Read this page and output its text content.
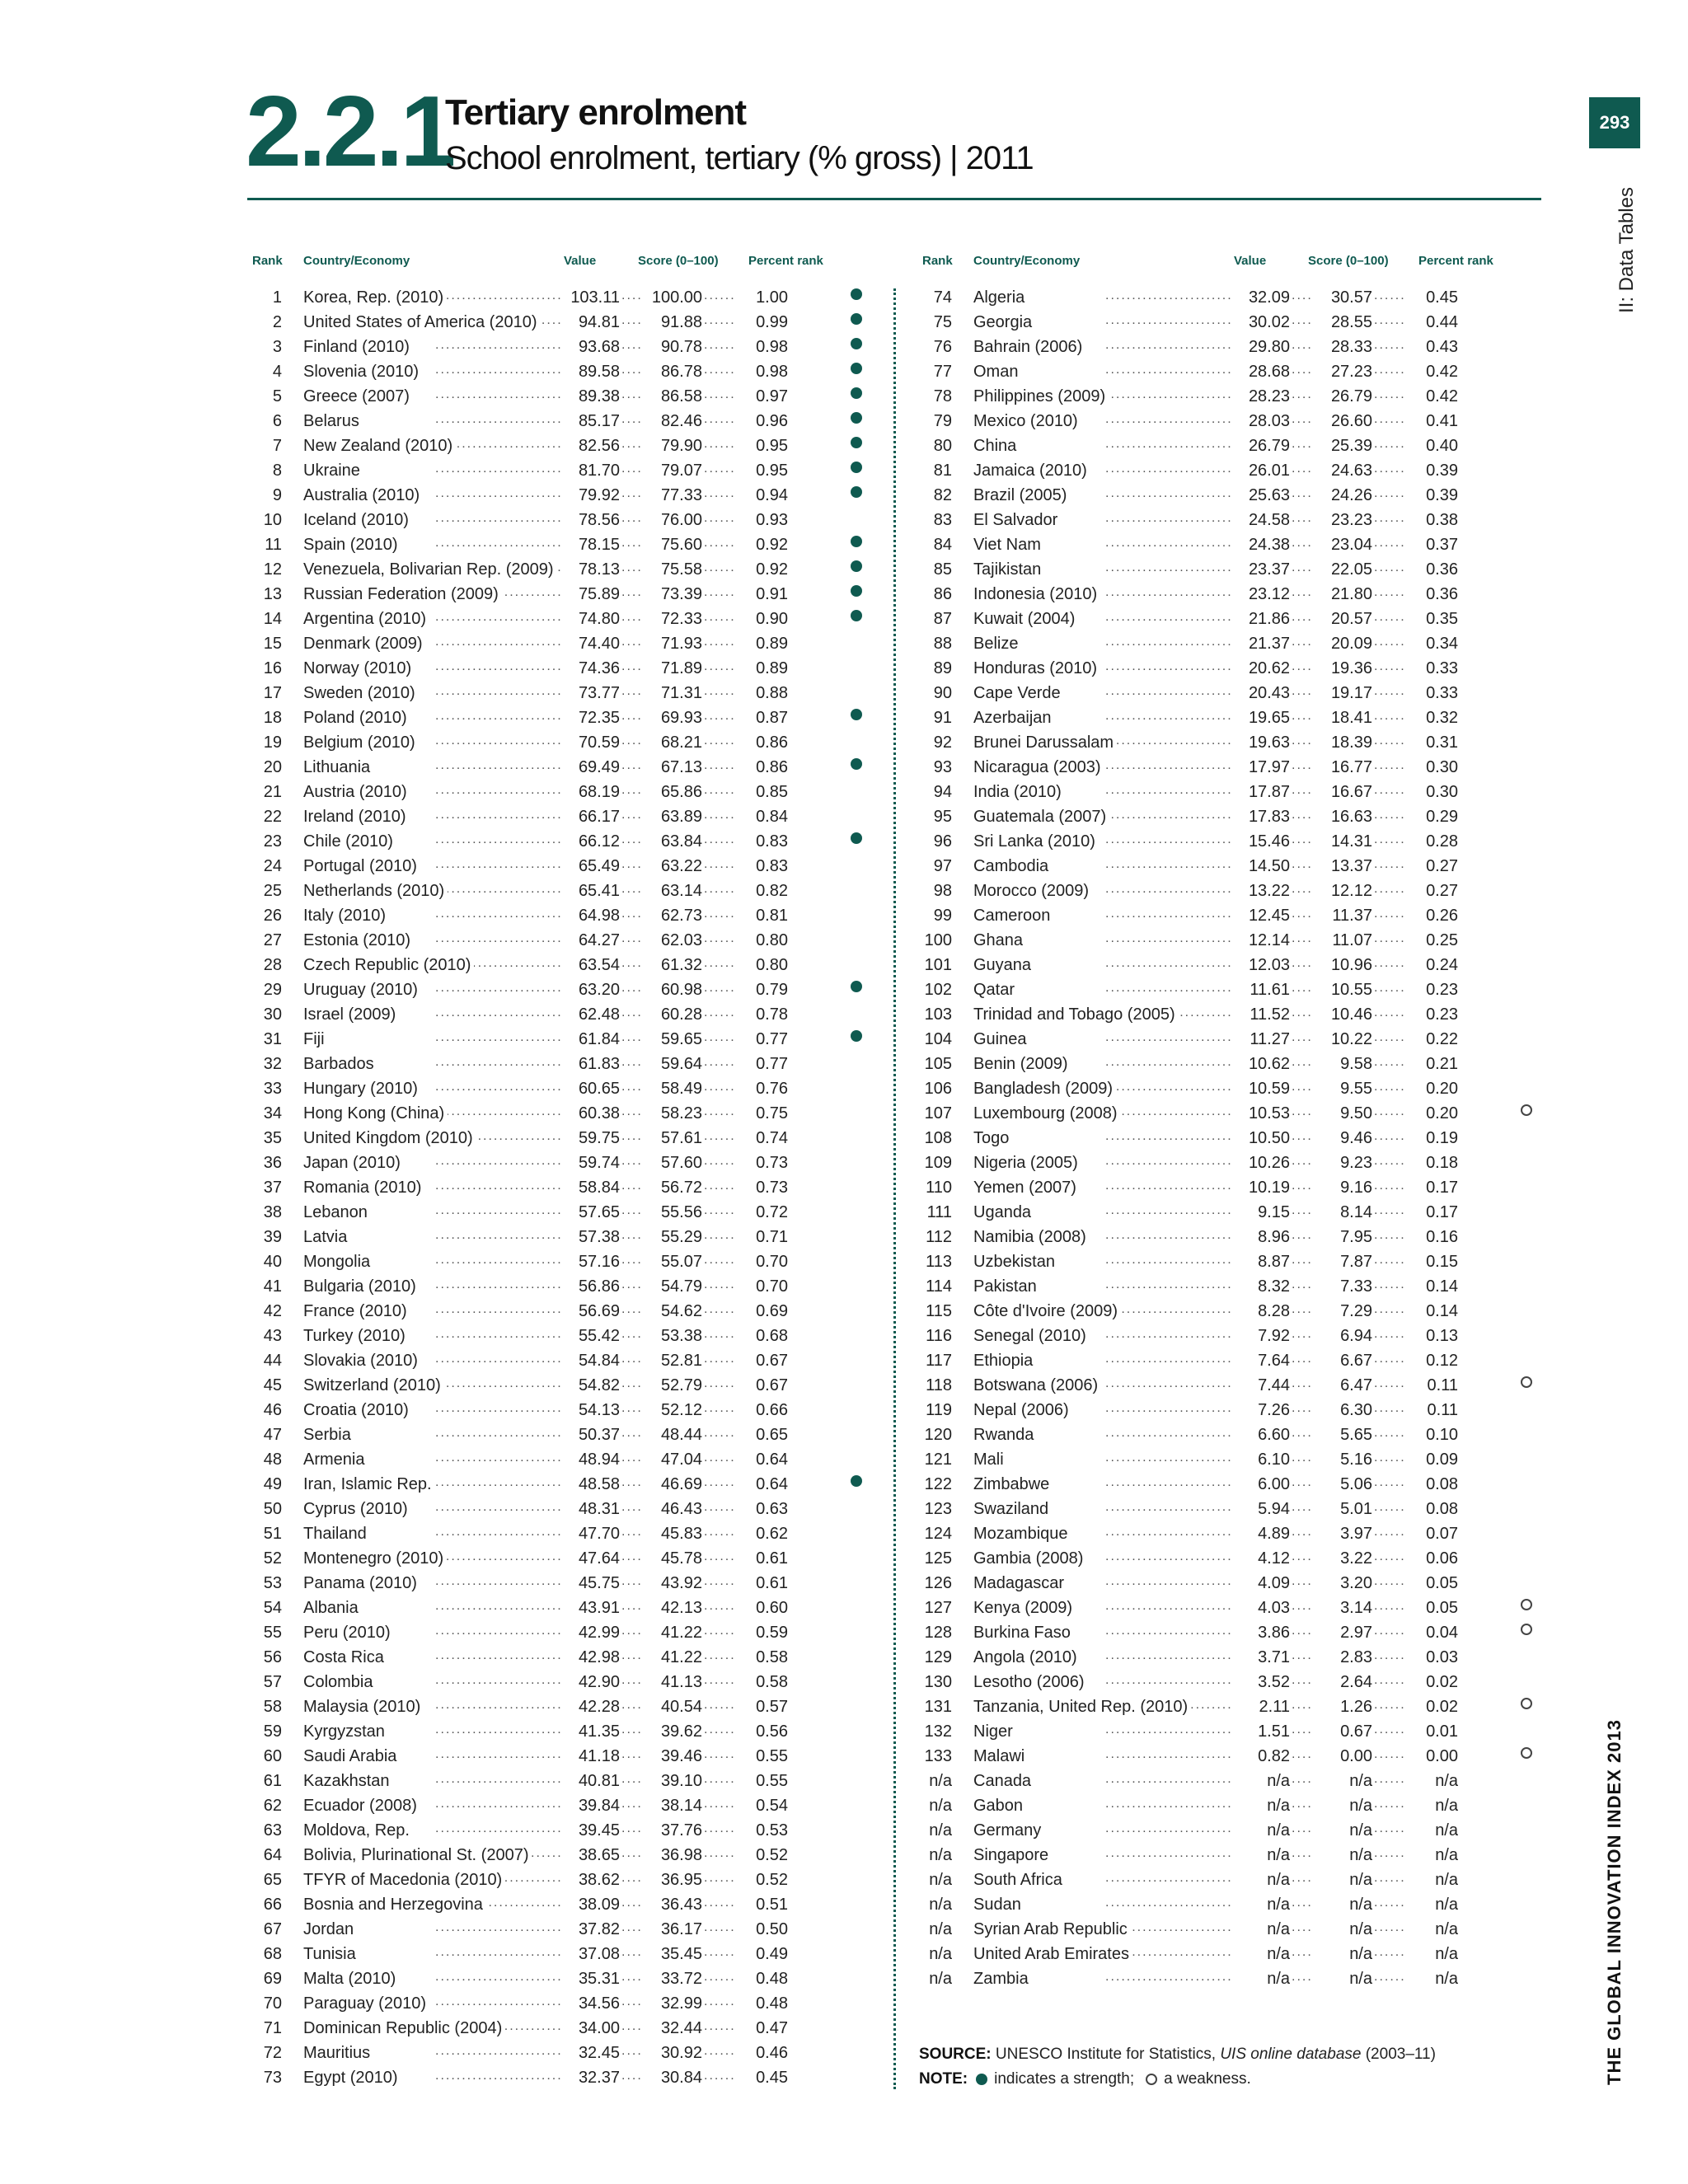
2.2.1
Tertiary enrolment
School enrolment, tertiary (% gross) | 2011
293
II: Data Tables
THE GLOBAL INNOVATION INDEX 2013
Rank Country/Economy	Value	Score (0–100) Percent rank
.....
.....
.....
1 Korea, Rep. (2010)	103.11	100.00	1.00
.....
.....
.....
2 United States of America (2010)	94.81	91.88	0.99
.....
.....
.....
3 Finland (2010)	93.68	90.78	0.98
.....
.....
.....
4 Slovenia (2010)	89.58	86.78	0.98
.....
.....
.....
5 Greece (2007)	89.38	86.58	0.97
.....
.....
.....
6 Belarus	85.17	82.46	0.96
.....
.....
.....
7 New Zealand (2010)	82.56	79.90	0.95
.....
.....
.....
8 Ukraine	81.70	79.07	0.95
.....
.....
.....
9 Australia (2010)	79.92	77.33	0.94
.....
.....
.....
10 Iceland (2010)	78.56	76.00	0.93
.....
.....
.....
11 Spain (2010)	78.15	75.60	0.92
.....
.....
.....
12 Venezuela, Bolivarian Rep. (2009)	78.13	75.58	0.92
.....
.....
.....
13 Russian Federation (2009)	75.89	73.39	0.91
.....
.....
.....
14 Argentina (2010)	74.80	72.33	0.90
.....
.....
.....
15 Denmark (2009)	74.40	71.93	0.89
.....
.....
.....
16 Norway (2010)	74.36	71.89	0.89
.....
.....
.....
17 Sweden (2010)	73.77	71.31	0.88
.....
.....
.....
18 Poland (2010)	72.35	69.93	0.87
.....
.....
.....
19 Belgium (2010)	70.59	68.21	0.86
.....
.....
.....
20 Lithuania	69.49	67.13	0.86
.....
.....
.....
21 Austria (2010)	68.19	65.86	0.85
.....
.....
.....
22 Ireland (2010)	66.17	63.89	0.84
.....
.....
.....
23 Chile (2010)	66.12	63.84	0.83
.....
.....
.....
24 Portugal (2010)	65.49	63.22	0.83
.....
.....
.....
25 Netherlands (2010)	65.41	63.14	0.82
.....
.....
.....
26 Italy (2010)	64.98	62.73	0.81
.....
.....
.....
27 Estonia (2010)	64.27	62.03	0.80
.....
.....
.....
28 Czech Republic (2010)	63.54	61.32	0.80
.....
.....
.....
29 Uruguay (2010)	63.20	60.98	0.79
.....
.....
.....
30 Israel (2009)	62.48	60.28	0.78
.....
.....
.....
31 Fiji	61.84	59.65	0.77
.....
.....
.....
32 Barbados	61.83	59.64	0.77
.....
.....
.....
33 Hungary (2010)	60.65	58.49	0.76
.....
.....
.....
34 Hong Kong (China)	60.38	58.23	0.75
.....
.....
.....
35 United Kingdom (2010)	59.75	57.61	0.74
.....
.....
.....
36 Japan (2010)	59.74	57.60	0.73
.....
.....
.....
37 Romania (2010)	58.84	56.72	0.73
.....
.....
.....
38 Lebanon	57.65	55.56	0.72
.....
.....
.....
39 Latvia	57.38	55.29	0.71
.....
.....
.....
40 Mongolia	57.16	55.07	0.70
.....
.....
.....
41 Bulgaria (2010)	56.86	54.79	0.70
.....
.....
.....
42 France (2010)	56.69	54.62	0.69
.....
.....
.....
43 Turkey (2010)	55.42	53.38	0.68
.....
.....
.....
44 Slovakia (2010)	54.84	52.81	0.67
.....
.....
.....
45 Switzerland (2010)	54.82	52.79	0.67
.....
.....
.....
46 Croatia (2010)	54.13	52.12	0.66
.....
.....
.....
47 Serbia	50.37	48.44	0.65
.....
.....
.....
48 Armenia	48.94	47.04	0.64
.....
.....
.....
49 Iran, Islamic Rep.	48.58	46.69	0.64
.....
.....
.....
50 Cyprus (2010)	48.31	46.43	0.63
.....
.....
.....
51 Thailand	47.70	45.83	0.62
.....
.....
.....
52 Montenegro (2010)	47.64	45.78	0.61
.....
.....
.....
53 Panama (2010)	45.75	43.92	0.61
.....
.....
.....
54 Albania	43.91	42.13	0.60
.....
.....
.....
55 Peru (2010)	42.99	41.22	0.59
.....
.....
.....
56 Costa Rica	42.98	41.22	0.58
.....
.....
.....
57 Colombia	42.90	41.13	0.58
.....
.....
.....
58 Malaysia (2010)	42.28	40.54	0.57
.....
.....
.....
59 Kyrgyzstan	41.35	39.62	0.56
.....
.....
.....
60 Saudi Arabia	41.18	39.46	0.55
.....
.....
.....
61 Kazakhstan	40.81	39.10	0.55
.....
.....
.....
62 Ecuador (2008)	39.84	38.14	0.54
.....
.....
.....
63 Moldova, Rep.	39.45	37.76	0.53
.....
.....
.....
64 Bolivia, Plurinational St. (2007)	38.65	36.98	0.52
.....
.....
.....
65 TFYR of Macedonia (2010)	38.62	36.95	0.52
.....
.....
.....
66 Bosnia and Herzegovina	38.09	36.43	0.51
.....
.....
.....
67 Jordan	37.82	36.17	0.50
.....
.....
.....
68 Tunisia	37.08	35.45	0.49
.....
.....
.....
69 Malta (2010)	35.31	33.72	0.48
.....
.....
.....
70 Paraguay (2010)	34.56	32.99	0.48
.....
.....
.....
71 Dominican Republic (2004)	34.00	32.44	0.47
.....
.....
.....
72 Mauritius	32.45	30.92	0.46
.....
.....
.....
73 Egypt (2010)	32.37	30.84	0.45
Rank Country/Economy	Value	Score (0–100) Percent rank
.....
.....
.....
74 Algeria	32.09	30.57	0.45
.....
.....
.....
75 Georgia	30.02	28.55	0.44
.....
.....
.....
76 Bahrain (2006)	29.80	28.33	0.43
.....
.....
.....
77 Oman	28.68	27.23	0.42
.....
.....
.....
78 Philippines (2009)	28.23	26.79	0.42
.....
.....
.....
79 Mexico (2010)	28.03	26.60	0.41
.....
.....
.....
80 China	26.79	25.39	0.40
.....
.....
.....
81 Jamaica (2010)	26.01	24.63	0.39
.....
.....
.....
82 Brazil (2005)	25.63	24.26	0.39
.....
.....
.....
83 El Salvador	24.58	23.23	0.38
.....
.....
.....
84 Viet Nam	24.38	23.04	0.37
.....
.....
.....
85 Tajikistan	23.37	22.05	0.36
.....
.....
.....
86 Indonesia (2010)	23.12	21.80	0.36
.....
.....
.....
87 Kuwait (2004)	21.86	20.57	0.35
.....
.....
.....
88 Belize	21.37	20.09	0.34
.....
.....
.....
89 Honduras (2010)	20.62	19.36	0.33
.....
.....
.....
90 Cape Verde	20.43	19.17	0.33
.....
.....
.....
91 Azerbaijan	19.65	18.41	0.32
.....
.....
.....
92 Brunei Darussalam	19.63	18.39	0.31
.....
.....
.....
93 Nicaragua (2003)	17.97	16.77	0.30
.....
.....
.....
94 India (2010)	17.87	16.67	0.30
.....
.....
.....
95 Guatemala (2007)	17.83	16.63	0.29
.....
.....
.....
96 Sri Lanka (2010)	15.46	14.31	0.28
.....
.....
.....
97 Cambodia	14.50	13.37	0.27
.....
.....
.....
98 Morocco (2009)	13.22	12.12	0.27
.....
.....
.....
99 Cameroon	12.45	11.37	0.26
.....
.....
.....
100 Ghana	12.14	11.07	0.25
.....
.....
.....
101 Guyana	12.03	10.96	0.24
.....
.....
.....
102 Qatar	11.61	10.55	0.23
.....
.....
.....
103 Trinidad and Tobago (2005)	11.52	10.46	0.23
.....
.....
.....
104 Guinea	11.27	10.22	0.22
.....
.....
.....
105 Benin (2009)	10.62	9.58	0.21
.....
.....
.....
106 Bangladesh (2009)	10.59	9.55	0.20
.....
.....
.....
107 Luxembourg (2008)	10.53	9.50	0.20
.....
.....
.....
108 Togo	10.50	9.46	0.19
.....
.....
.....
109 Nigeria (2005)	10.26	9.23	0.18
.....
.....
.....
110 Yemen (2007)	10.19	9.16	0.17
.....
.....
.....
111 Uganda	9.15	8.14	0.17
.....
.....
.....
112 Namibia (2008)	8.96	7.95	0.16
.....
.....
.....
113 Uzbekistan	8.87	7.87	0.15
.....
.....
.....
114 Pakistan	8.32	7.33	0.14
.....
.....
.....
115 Côte d'Ivoire (2009)	8.28	7.29	0.14
.....
.....
.....
116 Senegal (2010)	7.92	6.94	0.13
.....
.....
.....
117 Ethiopia	7.64	6.67	0.12
.....
.....
.....
118 Botswana (2006)	7.44	6.47	0.11
.....
.....
.....
119 Nepal (2006)	7.26	6.30	0.11
.....
.....
.....
120 Rwanda	6.60	5.65	0.10
.....
.....
.....
121 Mali	6.10	5.16	0.09
.....
.....
.....
122 Zimbabwe	6.00	5.06	0.08
.....
.....
.....
123 Swaziland	5.94	5.01	0.08
.....
.....
.....
124 Mozambique	4.89	3.97	0.07
.....
.....
.....
125 Gambia (2008)	4.12	3.22	0.06
.....
.....
.....
126 Madagascar	4.09	3.20	0.05
.....
.....
.....
127 Kenya (2009)	4.03	3.14	0.05
.....
.....
.....
128 Burkina Faso	3.86	2.97	0.04
.....
.....
.....
129 Angola (2010)	3.71	2.83	0.03
.....
.....
.....
130 Lesotho (2006)	3.52	2.64	0.02
.....
.....
.....
131 Tanzania, United Rep. (2010)	2.11	1.26	0.02
.....
.....
.....
132 Niger	1.51	0.67	0.01
.....
.....
.....
133 Malawi	0.82	0.00	0.00
.....
.....
.....
n/a Canada	n/a	n/a	n/a
.....
.....
.....
n/a Gabon	n/a	n/a	n/a
.....
.....
.....
n/a Germany	n/a	n/a	n/a
.....
.....
.....
n/a Singapore	n/a	n/a	n/a
.....
.....
.....
n/a South Africa	n/a	n/a	n/a
.....
.....
.....
n/a Sudan	n/a	n/a	n/a
.....
.....
.....
n/a Syrian Arab Republic	n/a	n/a	n/a
.....
.....
.....
n/a United Arab Emirates	n/a	n/a	n/a
.....
.....
.....
n/a Zambia	n/a	n/a	n/a
SOURCE: UNESCO Institute for Statistics, UIS online database (2003–11)
NOTE: indicates a strength; a weakness.
